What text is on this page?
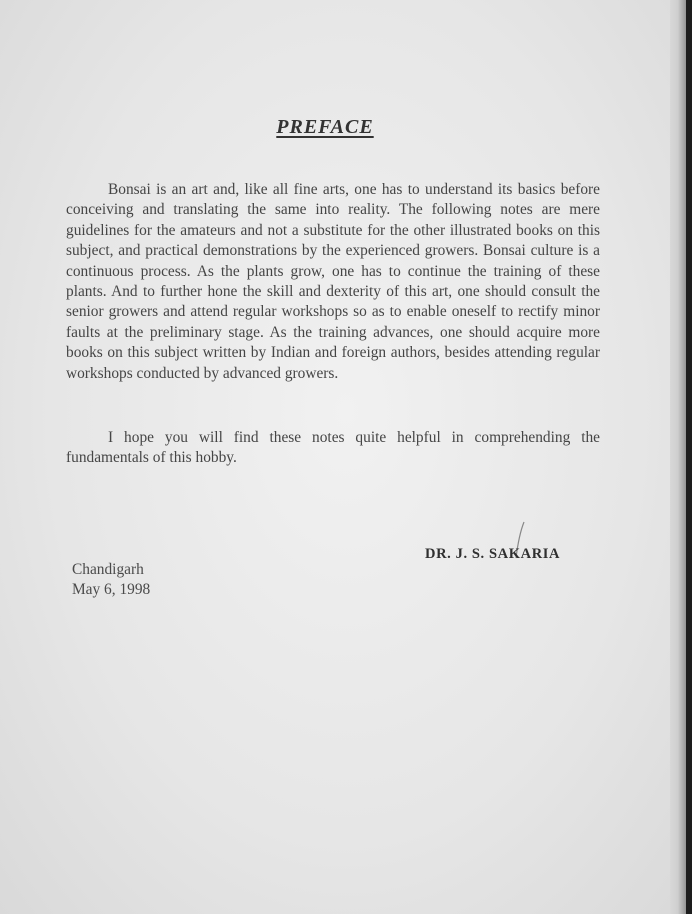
PREFACE
Bonsai is an art and, like all fine arts, one has to understand its basics before conceiving and translating the same into reality. The following notes are mere guidelines for the amateurs and not a substitute for the other illustrated books on this subject, and practical demonstrations by the experienced growers. Bonsai culture is a continuous process. As the plants grow, one has to continue the training of these plants. And to further hone the skill and dexterity of this art, one should consult the senior growers and attend regular workshops so as to enable oneself to rectify minor faults at the preliminary stage. As the training advances, one should acquire more books on this subject written by Indian and foreign authors, besides attending regular workshops conducted by advanced growers.
I hope you will find these notes quite helpful in comprehending the fundamentals of this hobby.
Chandigarh
May 6, 1998
DR. J. S. SAKARIA
